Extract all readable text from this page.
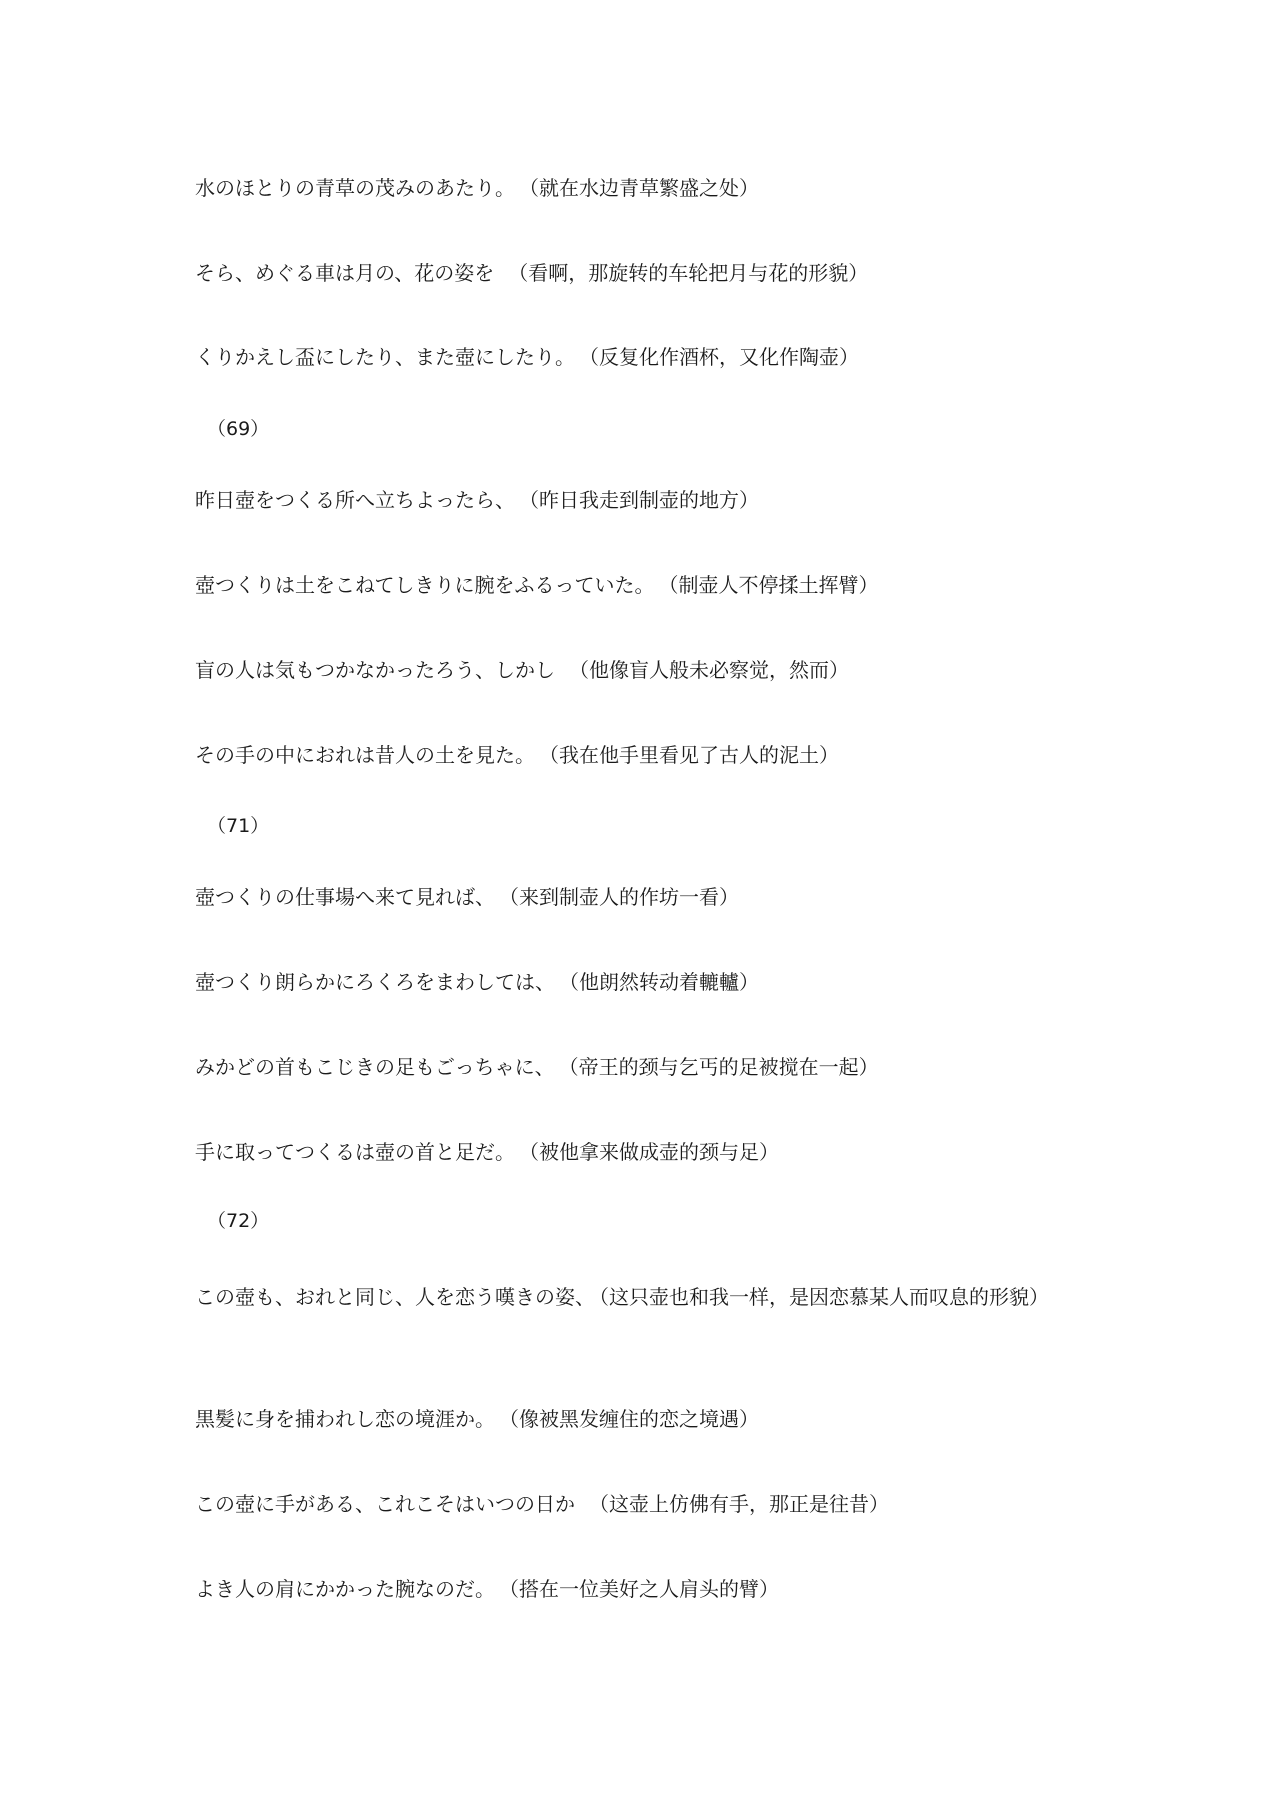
水のほとりの青草の茂みのあたり。 （就在水边青草繁盛之处）
そら、めぐる車は月の、花の姿を （看啊，那旋转的车轮把月与花的形貌）
くりかえし盃にしたり、また壺にしたり。 （反复化作酒杯，又化作陶壶）
（69）
昨日壺をつくる所へ立ちよったら、 （昨日我走到制壶的地方）
壺つくりは土をこねてしきりに腕をふるっていた。 （制壶人不停揉土挥臂）
盲の人は気もつかなかったろう、しかし （他像盲人般未必察觉，然而）
その手の中におれは昔人の土を見た。 （我在他手里看见了古人的泥土）
（71）
壺つくりの仕事場へ来て見れば、 （来到制壶人的作坊一看）
壺つくり朗らかにろくろをまわしては、 （他朗然转动着轆轤）
みかどの首もこじきの足もごっちゃに、 （帝王的颈与乞丐的足被搅在一起）
手に取ってつくるは壺の首と足だ。 （被他拿来做成壶的颈与足）
（72）
この壺も、おれと同じ、人を恋う嘆きの姿、 （这只壶也和我一样，是因恋慕某人而叹息的形貌）
黒髪に身を捕われし恋の境涯か。 （像被黑发缠住的恋之境遇）
この壺に手がある、これこそはいつの日か （这壶上仿佛有手，那正是往昔）
よき人の肩にかかった腕なのだ。 （搭在一位美好之人肩头的臂）
